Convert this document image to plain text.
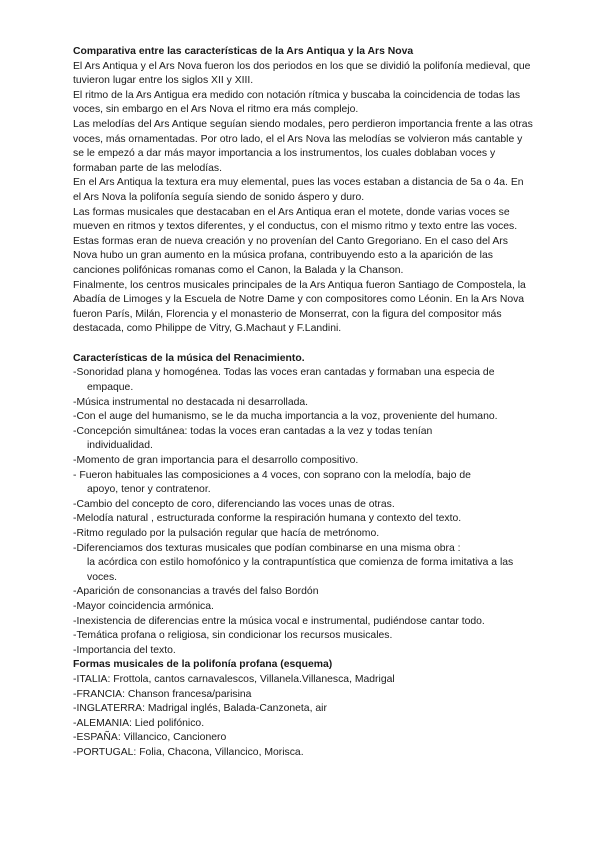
Comparativa entre las características de la Ars Antiqua y la Ars Nova
El Ars Antiqua y el Ars Nova fueron los dos periodos en los que se dividió la polifonía medieval, que tuvieron lugar entre los siglos XII y XIII.
El ritmo de la Ars Antigua era medido con notación rítmica y buscaba la coincidencia de todas las voces, sin embargo en el Ars Nova el ritmo era más complejo.
Las melodías del Ars Antique seguían siendo modales, pero perdieron importancia frente a las otras voces, más ornamentadas. Por otro lado, el el Ars Nova las melodías se volvieron más cantable y se le empezó a dar más mayor importancia a los instrumentos, los cuales doblaban voces y formaban parte de las melodías.
En el Ars Antiqua la textura era muy elemental, pues las voces estaban a distancia de 5a o 4a. En el Ars Nova la polifonía seguía siendo de sonido áspero y duro.
Las formas musicales que destacaban en el Ars Antiqua eran el motete, donde varias voces se mueven en ritmos y textos diferentes, y el conductus, con el mismo ritmo y texto entre las voces. Estas formas eran de nueva creación y no provenían del Canto Gregoriano. En el caso del Ars Nova hubo un gran aumento en la música profana, contribuyendo esto a la aparición de las canciones polifónicas romanas como el Canon, la Balada y la Chanson.
Finalmente, los centros musicales principales de la Ars Antiqua fueron Santiago de Compostela, la Abadía de Limoges y la Escuela de Notre Dame y con compositores como Léonin. En la Ars Nova fueron París, Milán, Florencia y el monasterio de Monserrat, con la figura del compositor más destacada, como Philippe de Vitry, G.Machaut y F.Landini.
Características de la música del Renacimiento.
-Sonoridad plana y homogénea. Todas las voces eran cantadas y formaban una especia de
empaque.
-Música instrumental no destacada ni desarrollada.
-Con el auge del humanismo, se le da mucha importancia a la voz, proveniente del humano.
-Concepción simultánea: todas la voces eran cantadas a la vez y todas tenían
individualidad.
-Momento de gran importancia para el desarrollo compositivo.
- Fueron habituales las composiciones a 4 voces, con soprano con la melodía, bajo de
apoyo, tenor y contratenor.
-Cambio del concepto de coro, diferenciando las voces unas de otras.
-Melodía natural , estructurada conforme la respiración humana y contexto del texto.
-Ritmo regulado por la pulsación regular que hacía de metrónomo.
-Diferenciamos dos texturas musicales que podían combinarse en una misma obra :
la acórdica con estilo homofónico y la contrapuntística que comienza de forma imitativa a las voces.
-Aparición de consonancias a través del falso Bordón
-Mayor coincidencia armónica.
-Inexistencia de diferencias entre la música vocal e instrumental, pudiéndose cantar todo.
-Temática profana o religiosa, sin condicionar los recursos musicales.
-Importancia del texto.
Formas musicales de la polifonía profana (esquema)
-ITALIA: Frottola, cantos carnavalescos, Villanela.Villanesca, Madrigal
-FRANCIA: Chanson francesa/parisina
-INGLATERRA: Madrigal inglés, Balada-Canzoneta, air
-ALEMANIA: Lied polifónico.
-ESPAÑA: Villancico, Cancionero
-PORTUGAL: Folia, Chacona, Villancico, Morisca.
